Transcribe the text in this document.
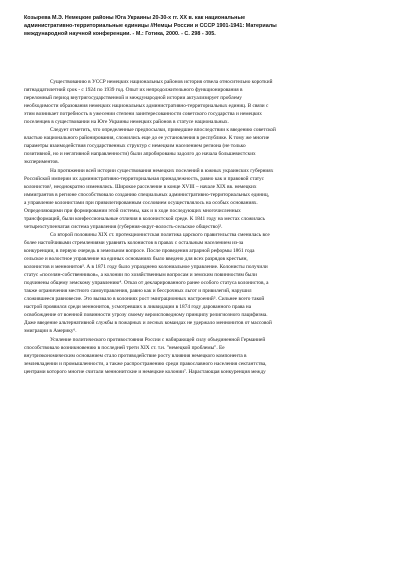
Козырева М.Э. Немецкие районы Юга Украины 20-30-х гг. XX в. как национальные
административно-территориальные единицы //Немцы России и СССР 1901-1941: Материалы
международной научной конференции. - М.: Готика, 2000. - С. 298 - 305.
Существованию в УССР немецких национальных районов история отвела относительно короткий
пятнадцатилетний срок - с 1924 по 1939 год. Опыт их непродолжительного функционирования в
переломный период внутригосударственной и международной истории актуализирует проблему
необходимости образования немецких национальных административно-территориальных единиц. В связи с
этим возникает потребность в ужесении степени заинтересованности советского государства и немецких
поселенцев в существовании на Юге Украины немецких районов в статусе национальных.
Следует отметить, что определенные предпосылки, приведшие впоследствии к введению советской
властью национального районирования, сложились еще до ее установления в республике. К тому же многие
параметры взаимодействия государственных структур с немецким населением региона (не только
позитивной, но и негативной направленности) были апробированы задолго до начала большевистских
экспериментов.
На протяжении всей истории существования немецких поселений в южных украинских губерниях
Российской империи их административно-территориальная принадлежность, равно как и правовой статус
колонистов¹, неоднократно изменялись. Широкое расселение в конце XVIII – начале XIX вв. немецких
иммигрантов в регионе способствовало созданию специальных административно-территориальных единиц,
а управление колонистами при привилегированным сословием осуществлялось на особых основаниях.
Определяющими при формировании этой системы, как и в ходе последующих многочисленных
трансформаций, были конфессиональные отличия в колонистской среде. К 1841 году на местах сложилась
четырехступенчатая система управления (губерния-округ-волость-сельское общество)².
Со второй половины XIX ст. протекционистская политика царского правительства сменилась все
более настойчивыми стремлениями уравнять колонистов в правах с остальным населением из-за
конкуренции, в первую очередь в земельном вопросе. После проведения аграрной реформы 1861 года
сельское и волостное управление на единых основаниях было введено для всех разрядов крестьян,
колонистов и меннонитов³. А в 1871 году было упразднено колониальное управление. Колонисты получили
статус «поселян-собственников», а колонии по хозяйственным вопросам и земским повинностям были
подчинены общему земскому управлению⁴. Отказ от декларированного ранее особого статуса колонистов, а
также ограничения местного самоуправления, равно как и бессрочных льгот и привилегий, нарушил
сложившееся равновесие. Это вызвало в колониях рост эмиграционных настроений⁵. Сильнее всего такой
настрой проявился среди меннонитов, усмотревших в ликвидации в 1874 году дарованного права на
освобождение от военной повинности угрозу своему вероисповедному принципу религиозного пацифизма.
Даже введение альтернативной службы в пожарных и лесных командах не удержало меннонитов от массовой
эмиграции в Америку⁶.
Усиление политического противостояния России с набирающей силу объединенной Германией
способствовало возникновению в последней трети XIX ст. т.н. "немецкой проблемы". Ее
внутриэкономическим основанием стало противодействие росту влияния немецкого компонента в
землевладении и промышленности, а также распространению среди православного населения сектантства,
центрами которого многие считали меннонитские и немецкие колонии⁷. Нарастающая конкуренция между
